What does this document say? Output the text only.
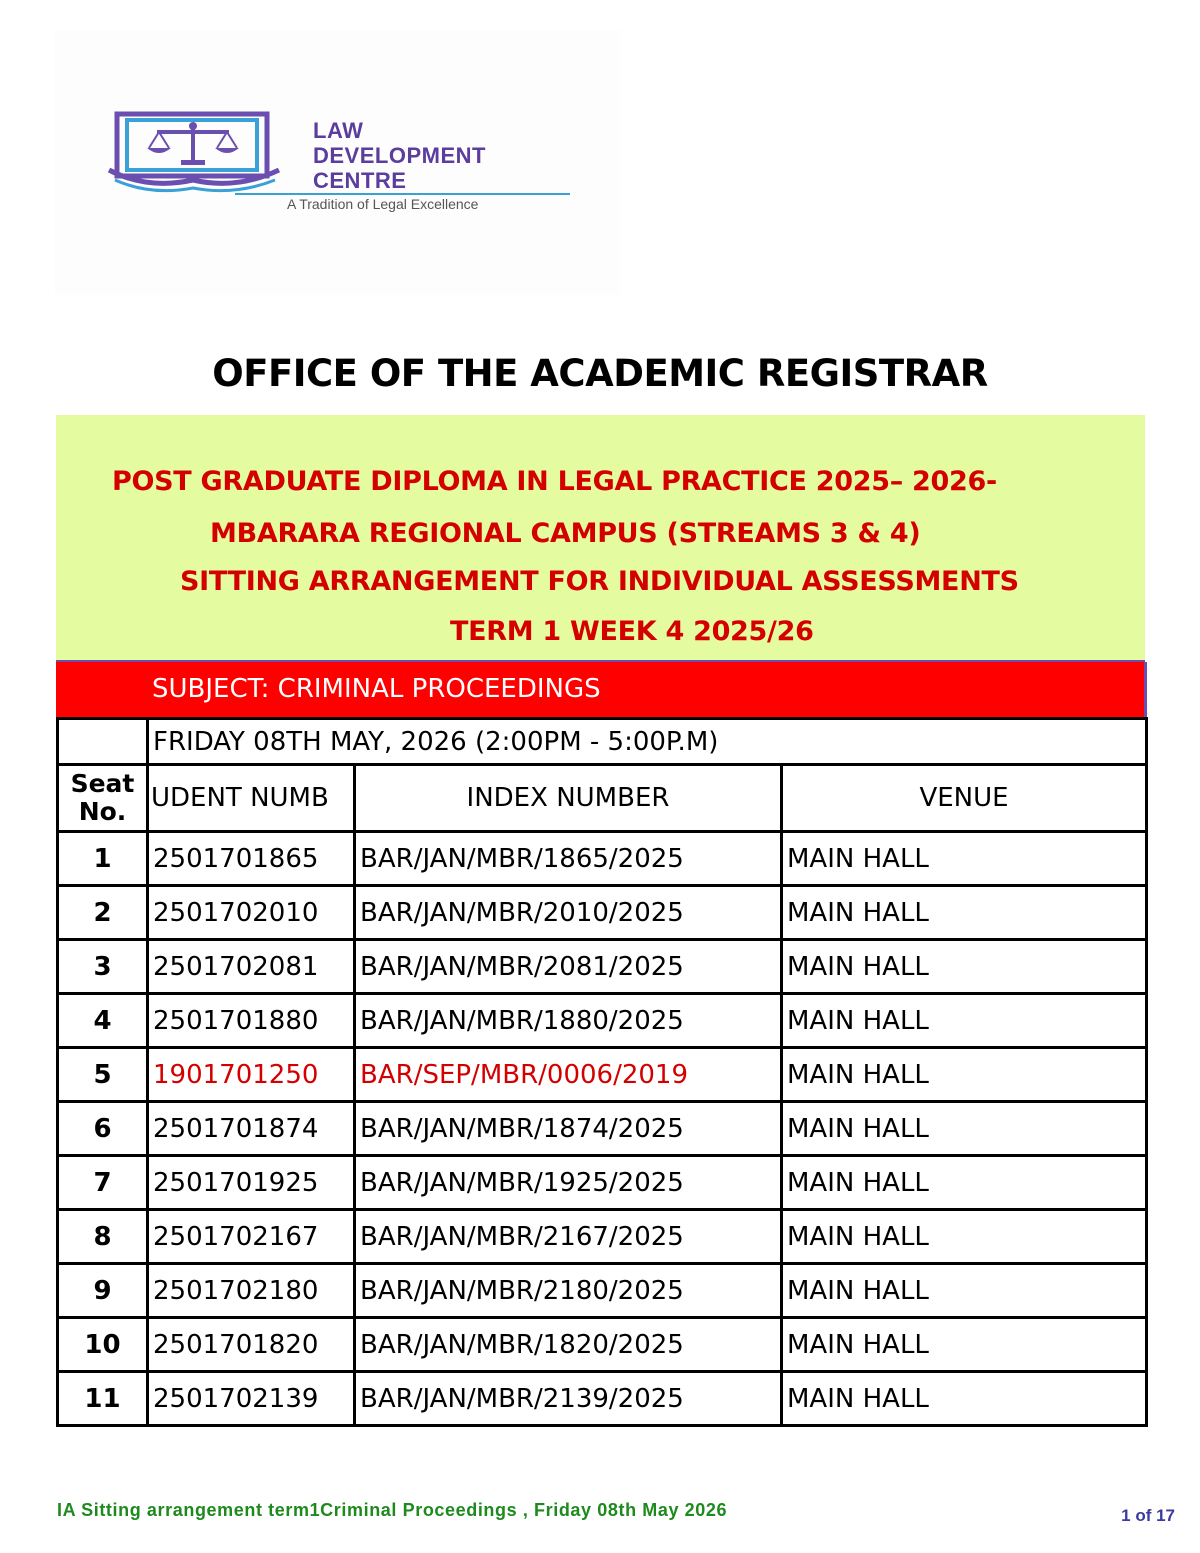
LAW
DEVELOPMENT
CENTRE
A Tradition of Legal Excellence
OFFICE OF THE ACADEMIC REGISTRAR
POST GRADUATE DIPLOMA IN LEGAL PRACTICE 2025– 2026-
MBARARA REGIONAL CAMPUS (STREAMS 3 & 4)
SITTING ARRANGEMENT FOR INDIVIDUAL ASSESSMENTS
TERM 1 WEEK 4 2025/26
SUBJECT: CRIMINAL PROCEEDINGS
	FRIDAY 08TH MAY, 2026 (2:00PM - 5:00P.M)		
Seat No.	UDENT NUMB	INDEX NUMBER	VENUE
1	2501701865	BAR/JAN/MBR/1865/2025	MAIN HALL
2	2501702010	BAR/JAN/MBR/2010/2025	MAIN HALL
3	2501702081	BAR/JAN/MBR/2081/2025	MAIN HALL
4	2501701880	BAR/JAN/MBR/1880/2025	MAIN HALL
5	1901701250	BAR/SEP/MBR/0006/2019	MAIN HALL
6	2501701874	BAR/JAN/MBR/1874/2025	MAIN HALL
7	2501701925	BAR/JAN/MBR/1925/2025	MAIN HALL
8	2501702167	BAR/JAN/MBR/2167/2025	MAIN HALL
9	2501702180	BAR/JAN/MBR/2180/2025	MAIN HALL
10	2501701820	BAR/JAN/MBR/1820/2025	MAIN HALL
11	2501702139	BAR/JAN/MBR/2139/2025	MAIN HALL
IA Sitting arrangement term1Criminal Proceedings , Friday 08th May 2026	1 of 17
